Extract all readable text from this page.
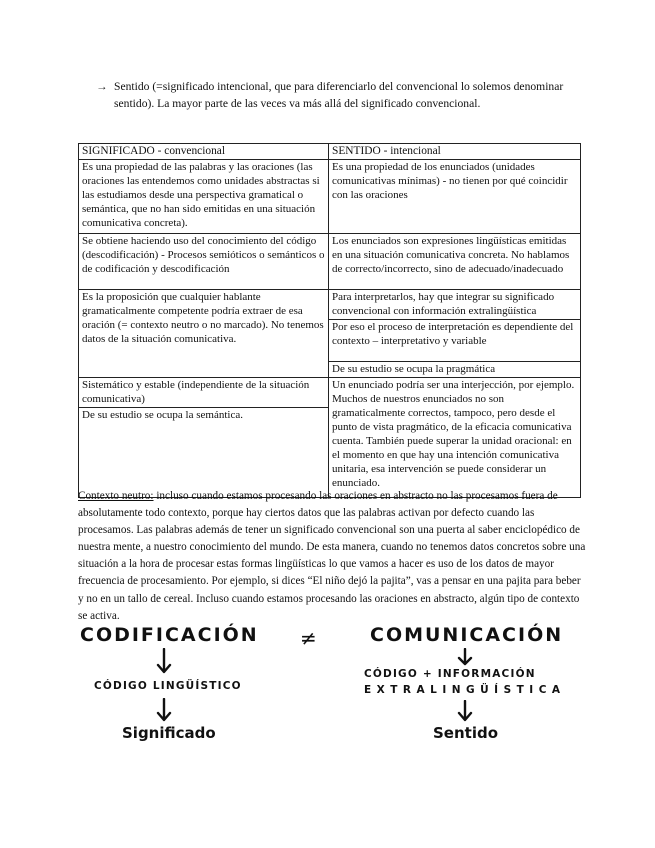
→ Sentido (=significado intencional, que para diferenciarlo del convencional lo solemos denominar sentido). La mayor parte de las veces va más allá del significado convencional.
SIGNIFICADO - convencional	SENTIDO - intencional
Es una propiedad de las palabras y las oraciones (las oraciones las entendemos como unidades abstractas si las estudiamos desde una perspectiva gramatical o semántica, que no han sido emitidas en una situación comunicativa concreta).	Es una propiedad de los enunciados (unidades comunicativas mínimas) - no tienen por qué coincidir con las oraciones
Se obtiene haciendo uso del conocimiento del código (descodificación) - Procesos semióticos o semánticos o de codificación y descodificación	Los enunciados son expresiones lingüísticas emitidas en una situación comunicativa concreta. No hablamos de correcto/incorrecto, sino de adecuado/inadecuado
Es la proposición que cualquier hablante gramaticalmente competente podría extraer de esa oración (= contexto neutro o no marcado). No tenemos datos de la situación comunicativa.	Para interpretarlos, hay que integrar su significado convencional con información extralingüística
	Por eso el proceso de interpretación es dependiente del contexto – interpretativo y variable
	De su estudio se ocupa la pragmática
Sistemático y estable (independiente de la situación comunicativa)	Un enunciado podría ser una interjección, por ejemplo. Muchos de nuestros enunciados no son gramaticalmente correctos, tampoco, pero desde el punto de vista pragmático, de la eficacia comunicativa cuenta. También puede superar la unidad oracional: en el momento en que hay una intención comunicativa unitaria, esa intervención se puede considerar un enunciado.
De su estudio se ocupa la semántica.	
Contexto neutro: incluso cuando estamos procesando las oraciones en abstracto no las procesamos fuera de absolutamente todo contexto, porque hay ciertos datos que las palabras activan por defecto cuando las procesamos. Las palabras además de tener un significado convencional son una puerta al saber enciclopédico de nuestra mente, a nuestro conocimiento del mundo. De esta manera, cuando no tenemos datos concretos sobre una situación a la hora de procesar estas formas lingüísticas lo que vamos a hacer es uso de los datos de mayor frecuencia de procesamiento. Por ejemplo, si dices “El niño dejó la pajita”, vas a pensar en una pajita para beber y no en un tallo de cereal. Incluso cuando estamos procesando las oraciones en abstracto, algún tipo de contexto se activa.
CODIFICACIÓN ≠	COMUNICACIÓN
CÓDIGO LINGÜÍSTICO
CÓDIGO + INFORMACIÓN
EXTRALINGÜÍSTICA
Significado	Sentido
